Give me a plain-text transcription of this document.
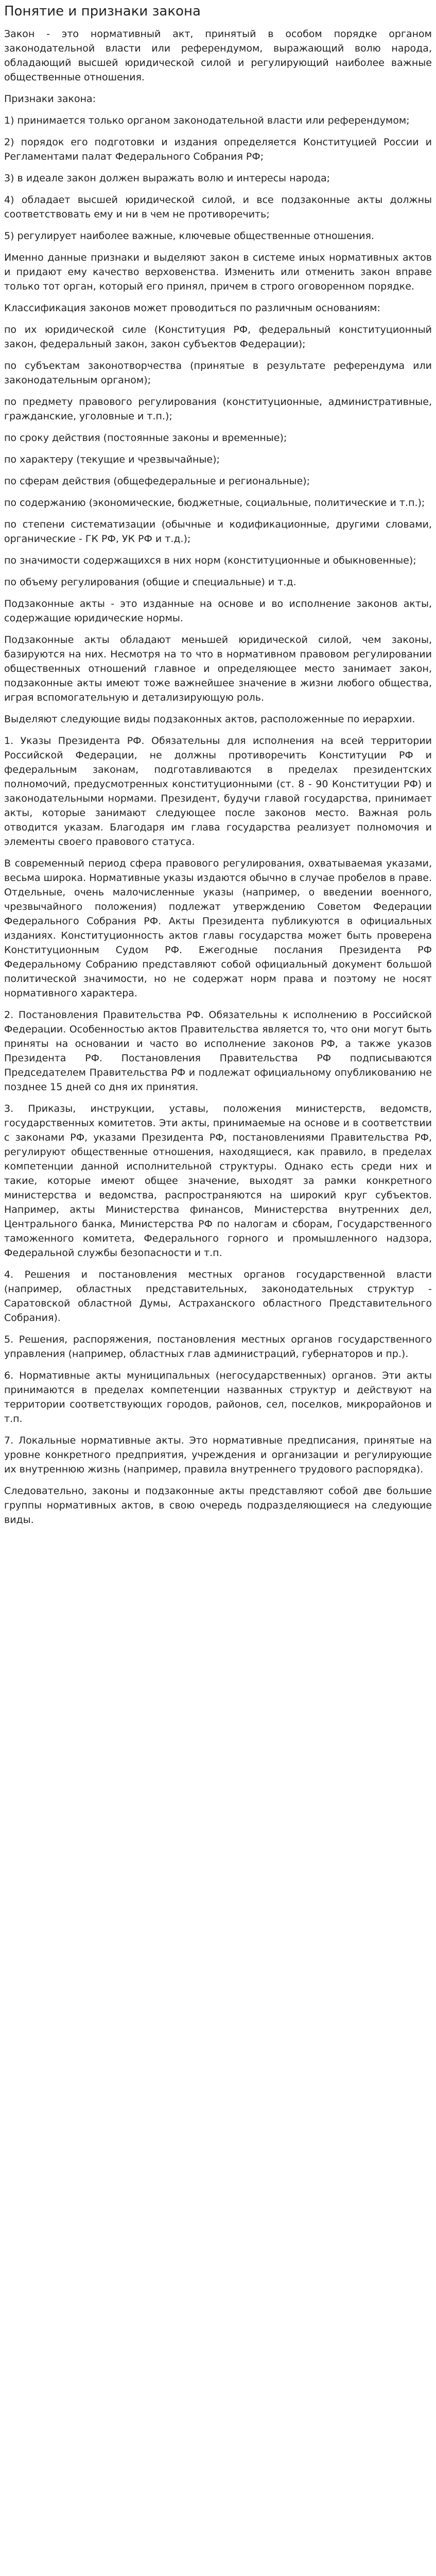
Понятие и признаки закона

Закон - это нормативный акт, принятый в особом порядке органом законодательной власти или референдумом, выражающий волю народа, обладающий высшей юридической силой и регулирующий наиболее важные общественные отношения.

Признаки закона:

1) принимается только органом законодательной власти или референдумом;

2) порядок его подготовки и издания определяется Конституцией России и Регламентами палат Федерального Собрания РФ;

3) в идеале закон должен выражать волю и интересы народа;

4) обладает высшей юридической силой, и все подзаконные акты должны соответствовать ему и ни в чем не противоречить;

5) регулирует наиболее важные, ключевые общественные отношения.

Именно данные признаки и выделяют закон в системе иных нормативных актов и придают ему качество верховенства. Изменить или отменить закон вправе только тот орган, который его принял, причем в строго оговоренном порядке.

Классификация законов может проводиться по различным основаниям:

по их юридической силе (Конституция РФ, федеральный конституционный закон, федеральный закон, закон субъектов Федерации);

по субъектам законотворчества (принятые в результате референдума или законодательным органом);

по предмету правового регулирования (конституционные, административные, гражданские, уголовные и т.п.);

по сроку действия (постоянные законы и временные);

по характеру (текущие и чрезвычайные);

по сферам действия (общефедеральные и региональные);

по содержанию (экономические, бюджетные, социальные, политические и т.п.);

по степени систематизации (обычные и кодификационные, другими словами, органические - ГК РФ, УК РФ и т.д.);

по значимости содержащихся в них норм (конституционные и обыкновенные);

по объему регулирования (общие и специальные) и т.д.

Подзаконные акты - это изданные на основе и во исполнение законов акты, содержащие юридические нормы.

Подзаконные акты обладают меньшей юридической силой, чем законы, базируются на них. Несмотря на то что в нормативном правовом регулировании общественных отношений главное и определяющее место занимает закон, подзаконные акты имеют тоже важнейшее значение в жизни любого общества, играя вспомогательную и детализирующую роль.

Выделяют следующие виды подзаконных актов, расположенные по иерархии.

1. Указы Президента РФ. Обязательны для исполнения на всей территории Российской Федерации, не должны противоречить Конституции РФ и федеральным законам, подготавливаются в пределах президентских полномочий, предусмотренных конституционными (ст. 8 - 90 Конституции РФ) и законодательными нормами. Президент, будучи главой государства, принимает акты, которые занимают следующее после законов место. Важная роль отводится указам. Благодаря им глава государства реализует полномочия и элементы своего правового статуса.

В современный период сфера правового регулирования, охватываемая указами, весьма широка. Нормативные указы издаются обычно в случае пробелов в праве. Отдельные, очень малочисленные указы (например, о введении военного, чрезвычайного положения) подлежат утверждению Советом Федерации Федерального Собрания РФ. Акты Президента публикуются в официальных изданиях. Конституционность актов главы государства может быть проверена Конституционным Судом РФ. Ежегодные послания Президента РФ Федеральному Собранию представляют собой официальный документ большой политической значимости, но не содержат норм права и поэтому не носят нормативного характера.

2. Постановления Правительства РФ. Обязательны к исполнению в Российской Федерации. Особенностью актов Правительства является то, что они могут быть приняты на основании и часто во исполнение законов РФ, а также указов Президента РФ. Постановления Правительства РФ подписываются Председателем Правительства РФ и подлежат официальному опубликованию не позднее 15 дней со дня их принятия.

3. Приказы, инструкции, уставы, положения министерств, ведомств, государственных комитетов. Эти акты, принимаемые на основе и в соответствии с законами РФ, указами Президента РФ, постановлениями Правительства РФ, регулируют общественные отношения, находящиеся, как правило, в пределах компетенции данной исполнительной структуры. Однако есть среди них и такие, которые имеют общее значение, выходят за рамки конкретного министерства и ведомства, распространяются на широкий круг субъектов. Например, акты Министерства финансов, Министерства внутренних дел, Центрального банка, Министерства РФ по налогам и сборам, Государственного таможенного комитета, Федерального горного и промышленного надзора, Федеральной службы безопасности и т.п.

4. Решения и постановления местных органов государственной власти (например, областных представительных, законодательных структур - Саратовской областной Думы, Астраханского областного Представительного Собрания).

5. Решения, распоряжения, постановления местных органов государственного управления (например, областных глав администраций, губернаторов и пр.).

6. Нормативные акты муниципальных (негосударственных) органов. Эти акты принимаются в пределах компетенции названных структур и действуют на территории соответствующих городов, районов, сел, поселков, микрорайонов и т.п.

7. Локальные нормативные акты. Это нормативные предписания, принятые на уровне конкретного предприятия, учреждения и организации и регулирующие их внутреннюю жизнь (например, правила внутреннего трудового распорядка).

Следовательно, законы и подзаконные акты представляют собой две большие группы нормативных актов, в свою очередь подразделяющиеся на следующие виды.
